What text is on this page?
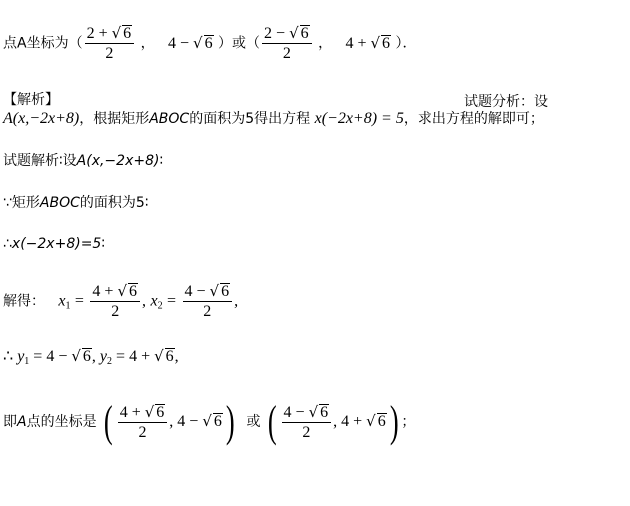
点A坐标为（ $\frac{2 + √ 6}{2}$ ， 4 − √ 6 ）或（ $\frac{2 - √ 6}{2}$ ， 4 + √ 6 ）．
【解析】	试题分析：设
A(x,−2x+8)，根据矩形ABOC的面积为5得出方程 x(−2x+8) = 5，求出方程的解即可；
试题解析∶设A(x,−2x+8)∶
∵矩形ABOC的面积为5∶
∴x(−2x+8)=5∶
解得： $x_1 = \frac{4 + √ 6}{2}$ , $x_2 = \frac{4 - √ 6}{2}$ ,
∴ $y_1 = 4$ − √ 6, $y_2 = 4$ + √ 6,
即A点的坐标是 ( $\frac{4 + √ 6}{2}$ , 4 − √ 6) 或 ( $\frac{4 - √ 6}{2}$ , 4 + √ 6) ；
